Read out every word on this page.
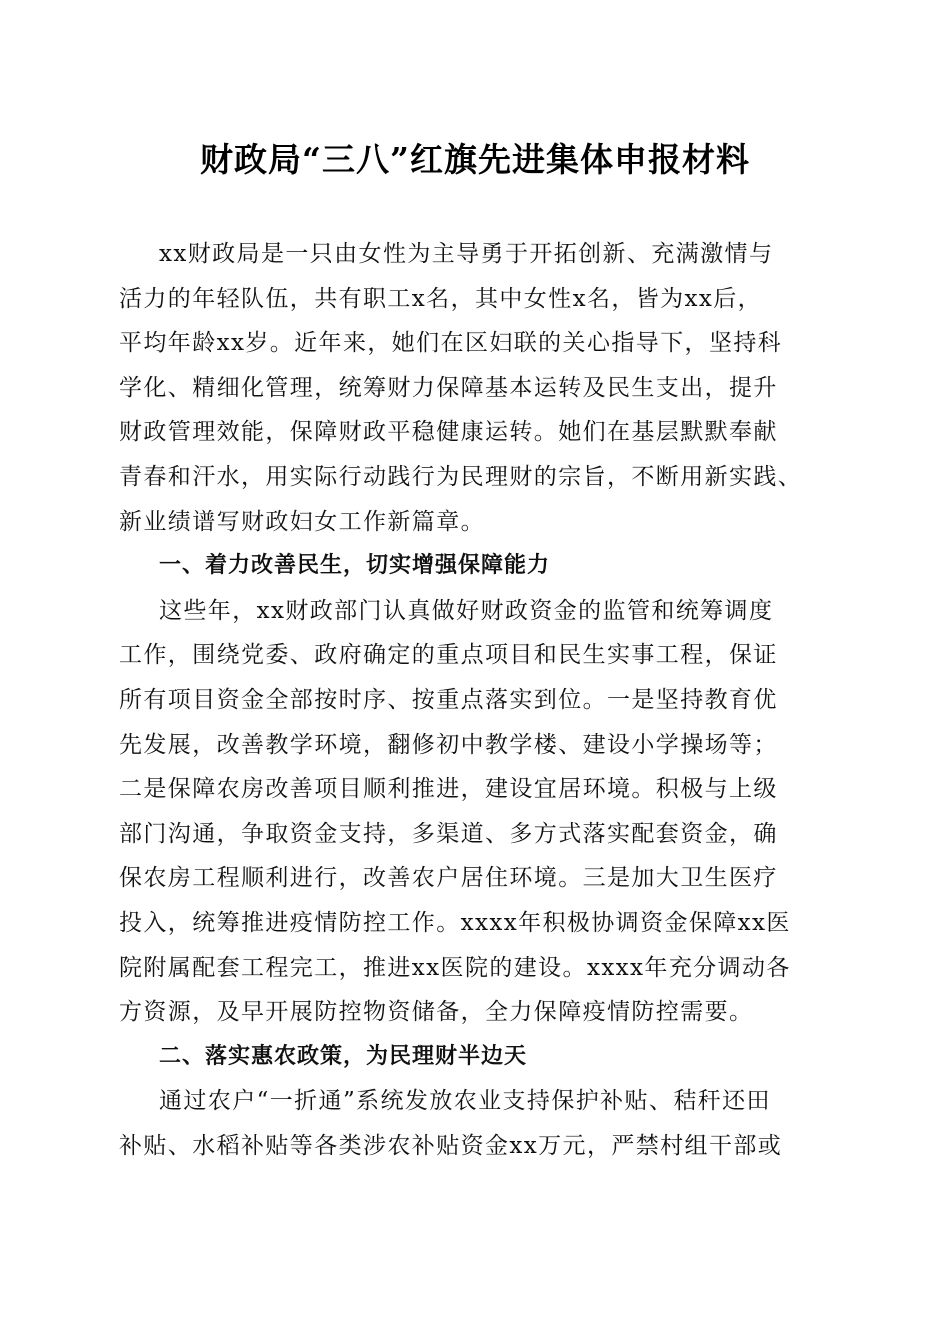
财政局“三八”红旗先进集体申报材料
xx财政局是一只由女性为主导勇于开拓创新、充满激情与
活力的年轻队伍，共有职工x名，其中女性x名，皆为xx后，
平均年龄xx岁。近年来，她们在区妇联的关心指导下，坚持科
学化、精细化管理，统筹财力保障基本运转及民生支出，提升
财政管理效能，保障财政平稳健康运转。她们在基层默默奉献
青春和汗水，用实际行动践行为民理财的宗旨，不断用新实践、
新业绩谱写财政妇女工作新篇章。
一、着力改善民生，切实增强保障能力
这些年，xx财政部门认真做好财政资金的监管和统筹调度
工作，围绕党委、政府确定的重点项目和民生实事工程，保证
所有项目资金全部按时序、按重点落实到位。一是坚持教育优
先发展，改善教学环境，翻修初中教学楼、建设小学操场等；
二是保障农房改善项目顺利推进，建设宜居环境。积极与上级
部门沟通，争取资金支持，多渠道、多方式落实配套资金，确
保农房工程顺利进行，改善农户居住环境。三是加大卫生医疗
投入，统筹推进疫情防控工作。xxxx年积极协调资金保障xx医
院附属配套工程完工，推进xx医院的建设。xxxx年充分调动各
方资源，及早开展防控物资储备，全力保障疫情防控需要。
二、落实惠农政策，为民理财半边天
通过农户“一折通”系统发放农业支持保护补贴、秸秆还田
补贴、水稻补贴等各类涉农补贴资金xx万元，严禁村组干部或
